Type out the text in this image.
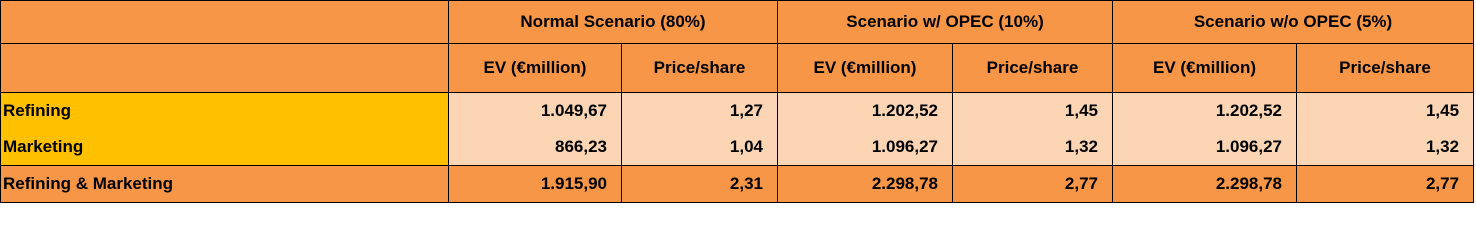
	Normal Scenario (80%)		Scenario w/ OPEC (10%)		Scenario w/o OPEC (5%)	
	EV (€million)	Price/share	EV (€million)	Price/share	EV (€million)	Price/share
Refining	1.049,67	1,27	1.202,52	1,45	1.202,52	1,45
Marketing	866,23	1,04	1.096,27	1,32	1.096,27	1,32
Refining & Marketing	1.915,90	2,31	2.298,78	2,77	2.298,78	2,77
